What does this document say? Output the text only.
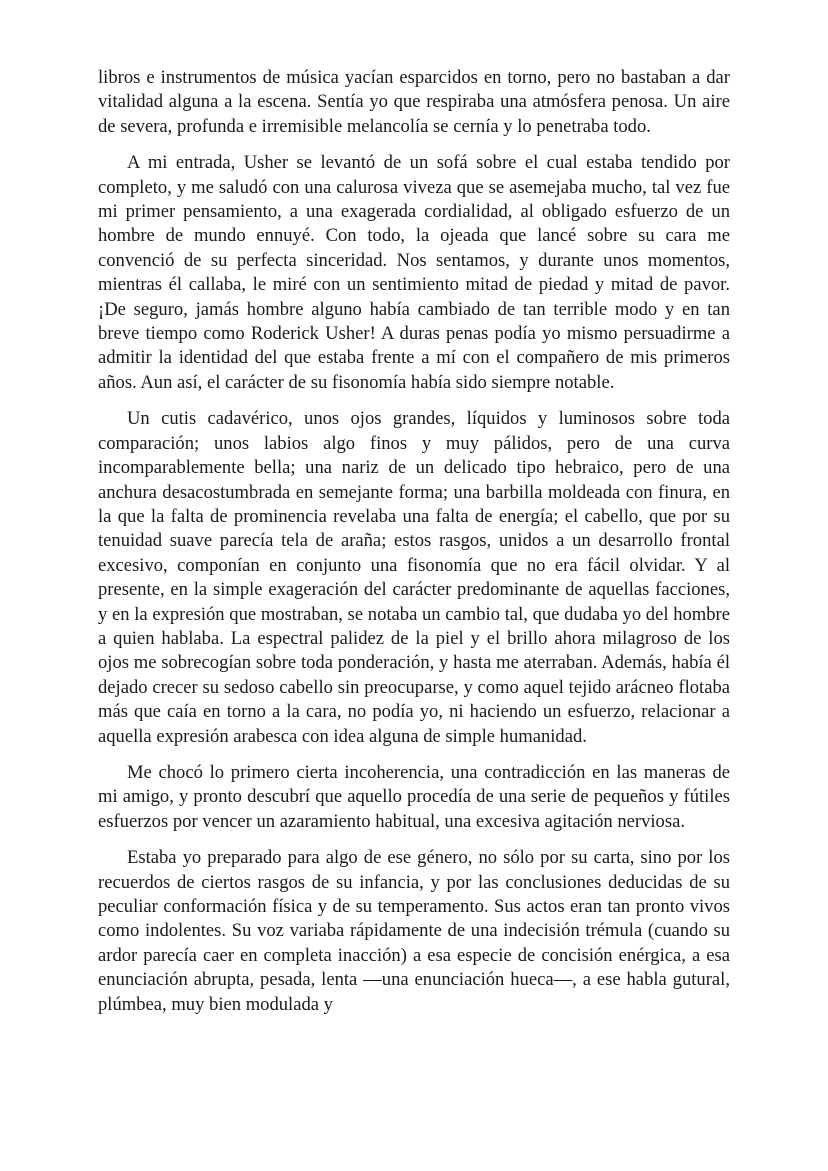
libros e instrumentos de música yacían esparcidos en torno, pero no bastaban a dar vitalidad alguna a la escena. Sentía yo que respiraba una atmósfera penosa. Un aire de severa, profunda e irremisible melancolía se cernía y lo penetraba todo.

A mi entrada, Usher se levantó de un sofá sobre el cual estaba tendido por completo, y me saludó con una calurosa viveza que se asemejaba mucho, tal vez fue mi primer pensamiento, a una exagerada cordialidad, al obligado esfuerzo de un hombre de mundo ennuyé. Con todo, la ojeada que lancé sobre su cara me convenció de su perfecta sinceridad. Nos sentamos, y durante unos momentos, mientras él callaba, le miré con un sentimiento mitad de piedad y mitad de pavor. ¡De seguro, jamás hombre alguno había cambiado de tan terrible modo y en tan breve tiempo como Roderick Usher! A duras penas podía yo mismo persuadirme a admitir la identidad del que estaba frente a mí con el compañero de mis primeros años. Aun así, el carácter de su fisonomía había sido siempre notable.

Un cutis cadavérico, unos ojos grandes, líquidos y luminosos sobre toda comparación; unos labios algo finos y muy pálidos, pero de una curva incomparablemente bella; una nariz de un delicado tipo hebraico, pero de una anchura desacostumbrada en semejante forma; una barbilla moldeada con finura, en la que la falta de prominencia revelaba una falta de energía; el cabello, que por su tenuidad suave parecía tela de araña; estos rasgos, unidos a un desarrollo frontal excesivo, componían en conjunto una fisonomía que no era fácil olvidar. Y al presente, en la simple exageración del carácter predominante de aquellas facciones, y en la expresión que mostraban, se notaba un cambio tal, que dudaba yo del hombre a quien hablaba. La espectral palidez de la piel y el brillo ahora milagroso de los ojos me sobrecogían sobre toda ponderación, y hasta me aterraban. Además, había él dejado crecer su sedoso cabello sin preocuparse, y como aquel tejido arácneo flotaba más que caía en torno a la cara, no podía yo, ni haciendo un esfuerzo, relacionar a aquella expresión arabesca con idea alguna de simple humanidad.

Me chocó lo primero cierta incoherencia, una contradicción en las maneras de mi amigo, y pronto descubrí que aquello procedía de una serie de pequeños y fútiles esfuerzos por vencer un azaramiento habitual, una excesiva agitación nerviosa.

Estaba yo preparado para algo de ese género, no sólo por su carta, sino por los recuerdos de ciertos rasgos de su infancia, y por las conclusiones deducidas de su peculiar conformación física y de su temperamento. Sus actos eran tan pronto vivos como indolentes. Su voz variaba rápidamente de una indecisión trémula (cuando su ardor parecía caer en completa inacción) a esa especie de concisión enérgica, a esa enunciación abrupta, pesada, lenta —una enunciación hueca—, a ese habla gutural, plúmbea, muy bien modulada y
